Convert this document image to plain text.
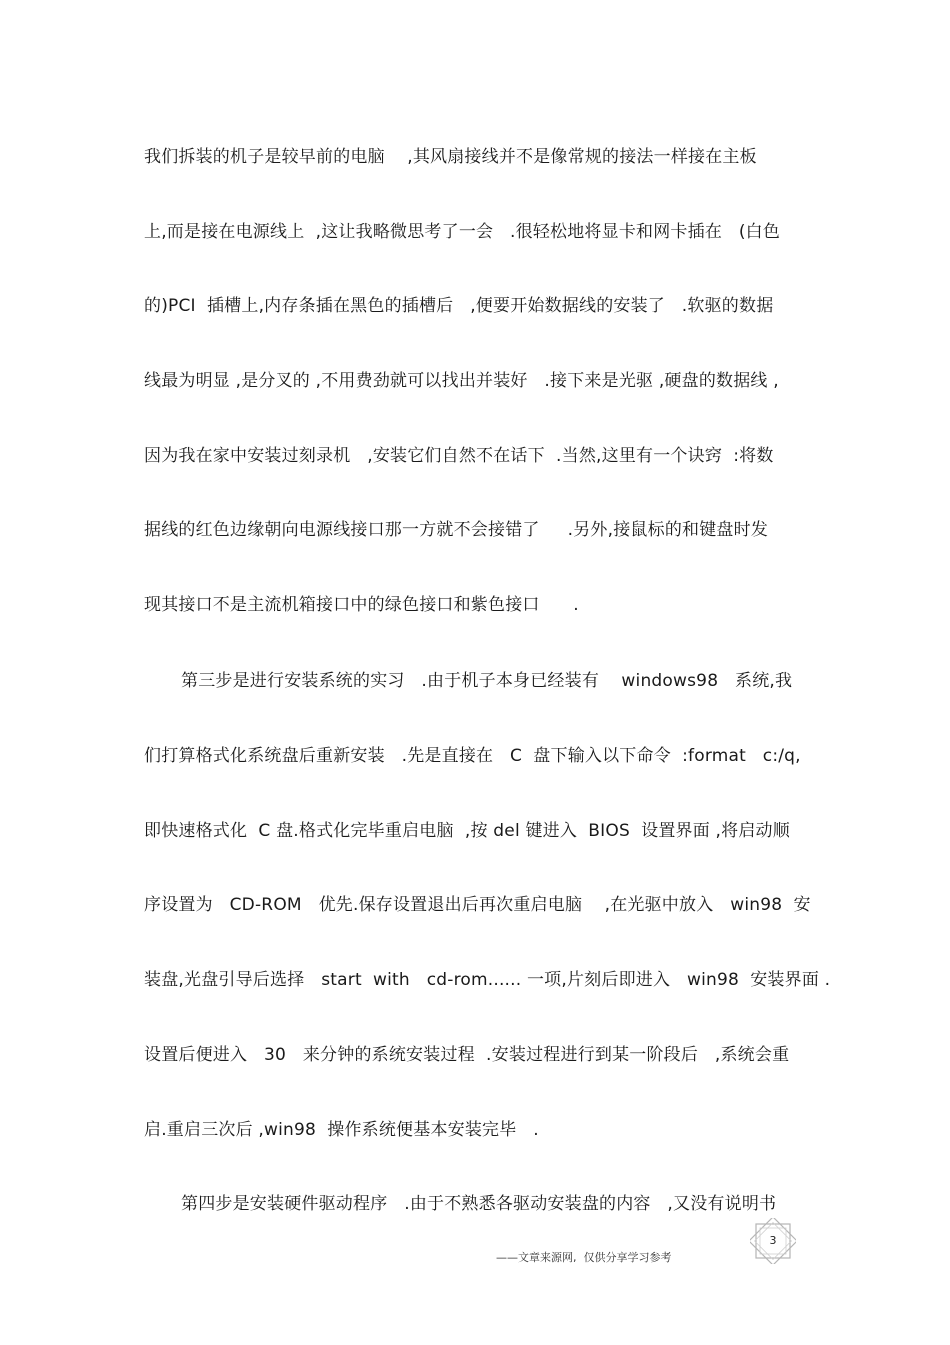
我们拆装的机子是较早前的电脑    ,其风扇接线并不是像常规的接法一样接在主板
上,而是接在电源线上  ,这让我略微思考了一会   .很轻松地将显卡和网卡插在   (白色
的)PCI  插槽上,内存条插在黑色的插槽后   ,便要开始数据线的安装了   .软驱的数据
线最为明显 ,是分叉的 ,不用费劲就可以找出并装好   .接下来是光驱 ,硬盘的数据线 ,
因为我在家中安装过刻录机   ,安装它们自然不在话下  .当然,这里有一个诀窍  :将数
据线的红色边缘朝向电源线接口那一方就不会接错了     .另外,接鼠标的和键盘时发
现其接口不是主流机箱接口中的绿色接口和紫色接口      .
第三步是进行安装系统的实习   .由于机子本身已经装有    windows98   系统,我
们打算格式化系统盘后重新安装   .先是直接在   C  盘下输入以下命令  :format   c:/q,
即快速格式化  C 盘.格式化完毕重启电脑  ,按 del 键进入  BIOS  设置界面 ,将启动顺
序设置为   CD-ROM   优先.保存设置退出后再次重启电脑    ,在光驱中放入   win98  安
装盘,光盘引导后选择   start  with   cd-rom...... 一项,片刻后即进入   win98  安装界面 .
设置后便进入   30   来分钟的系统安装过程  .安装过程进行到某一阶段后   ,系统会重
启.重启三次后 ,win98  操作系统便基本安装完毕   .
第四步是安装硬件驱动程序   .由于不熟悉各驱动安装盘的内容   ,又没有说明书
3
——文章来源网,  仅供分享学习参考
